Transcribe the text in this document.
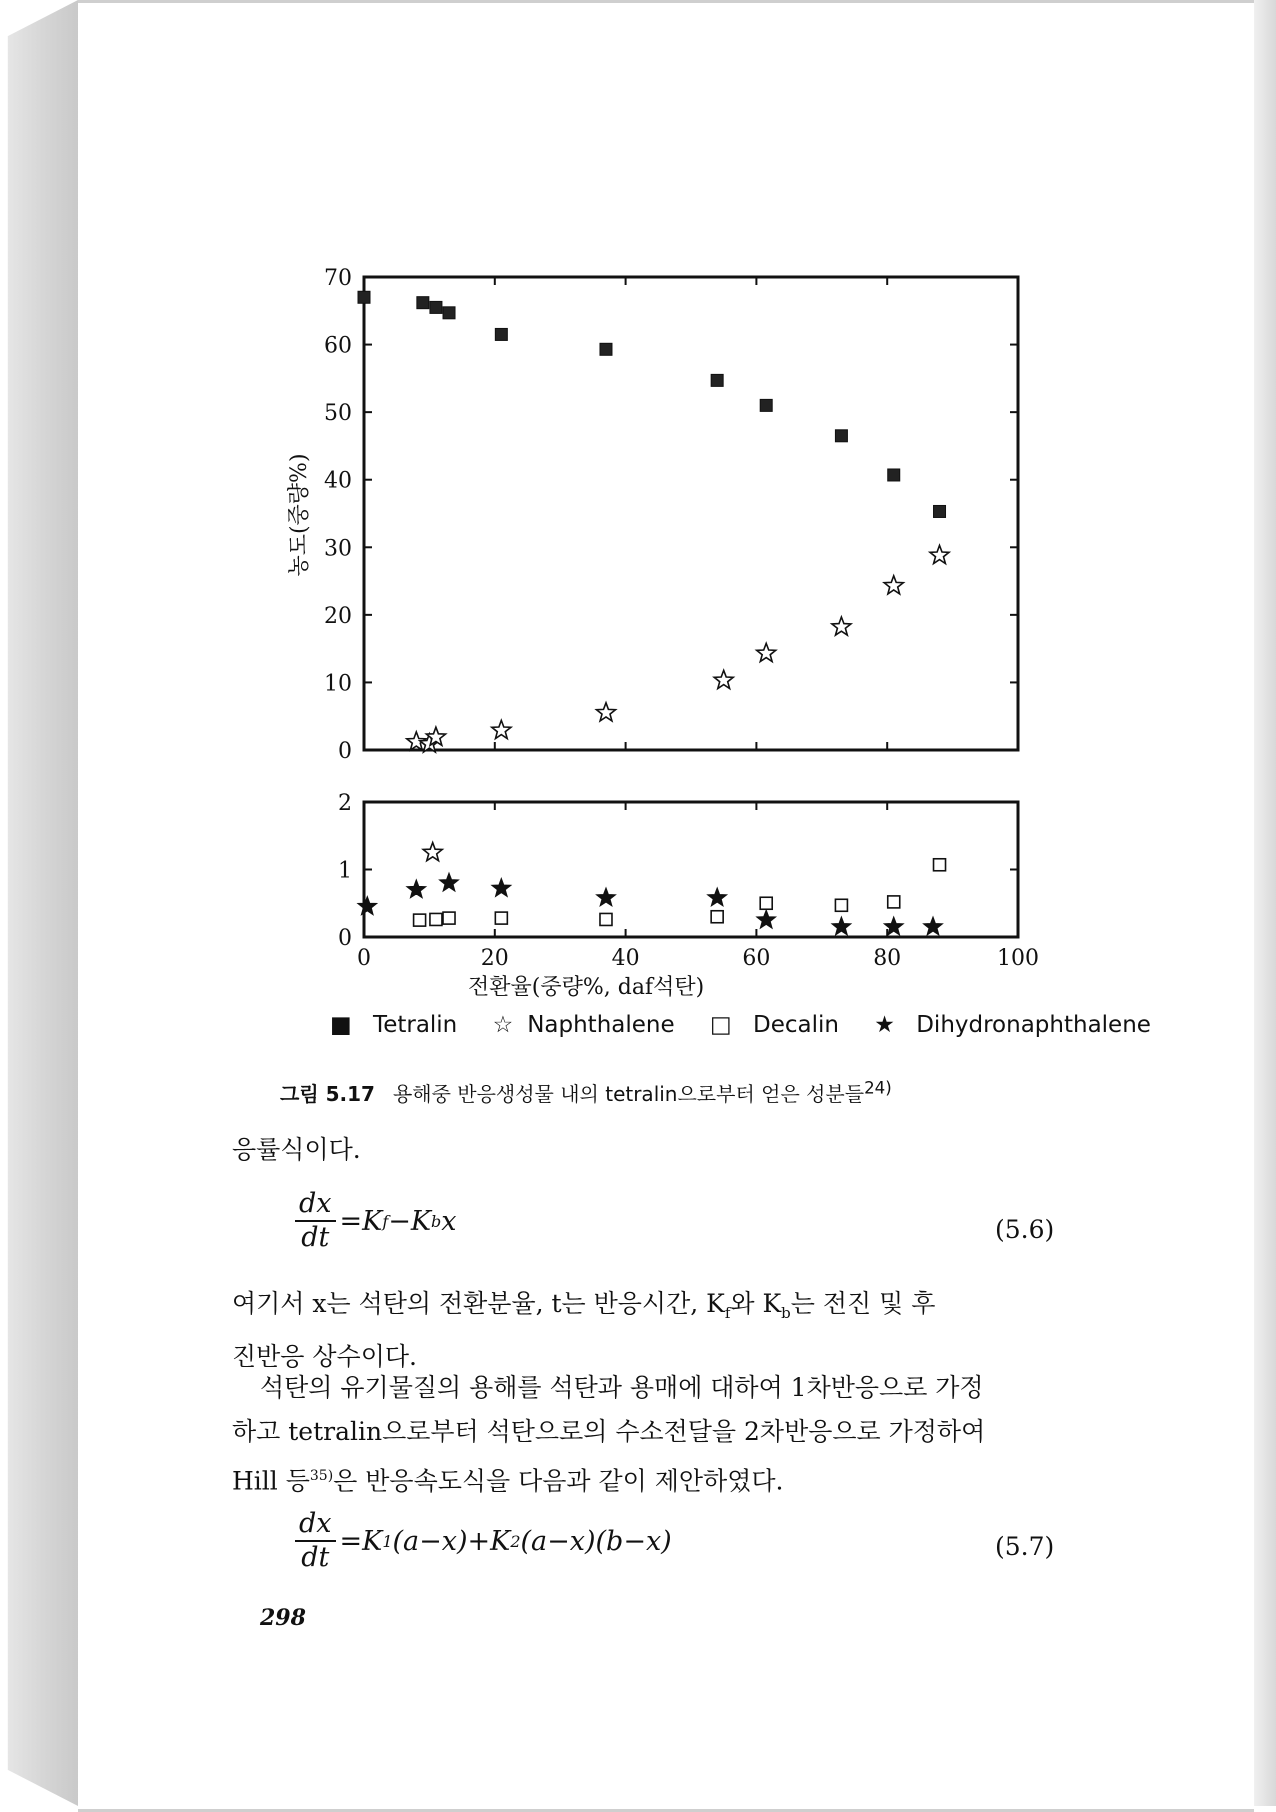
전환율(중량%, daf석탄)
농도(중량%)
0
10
20
30
40
50
60
70
0
1
2
0	20	40	60	80	100
■ Tetralin ☆ Naphthalene □ Decalin ★ Dihydronaphthalene
그림 5.17 용해중 반응생성물 내의 tetralin으로부터 얻은 성분들$^{24)}$
응률식이다.
$\frac{dx}{dt} =K$ f −K b x	(5.6)
여기서 x는 석탄의 전환분율, t는 반응시간, $K_f$와 $K_b$는 전진 및 후
진반응 상수이다.
석탄의 유기물질의 용해를 석탄과 용매에 대하여 1차반응으로 가정
하고 tetralin으로부터 석탄으로의 수소전달을 2차반응으로 가정하여
Hill 등$^{35)}$은 반응속도식을 다음과 같이 제안하였다.
$\frac{dx}{dt} =K$ 1 (a−x)+K 2 (a−x)(b−x)	(5.7)
298
